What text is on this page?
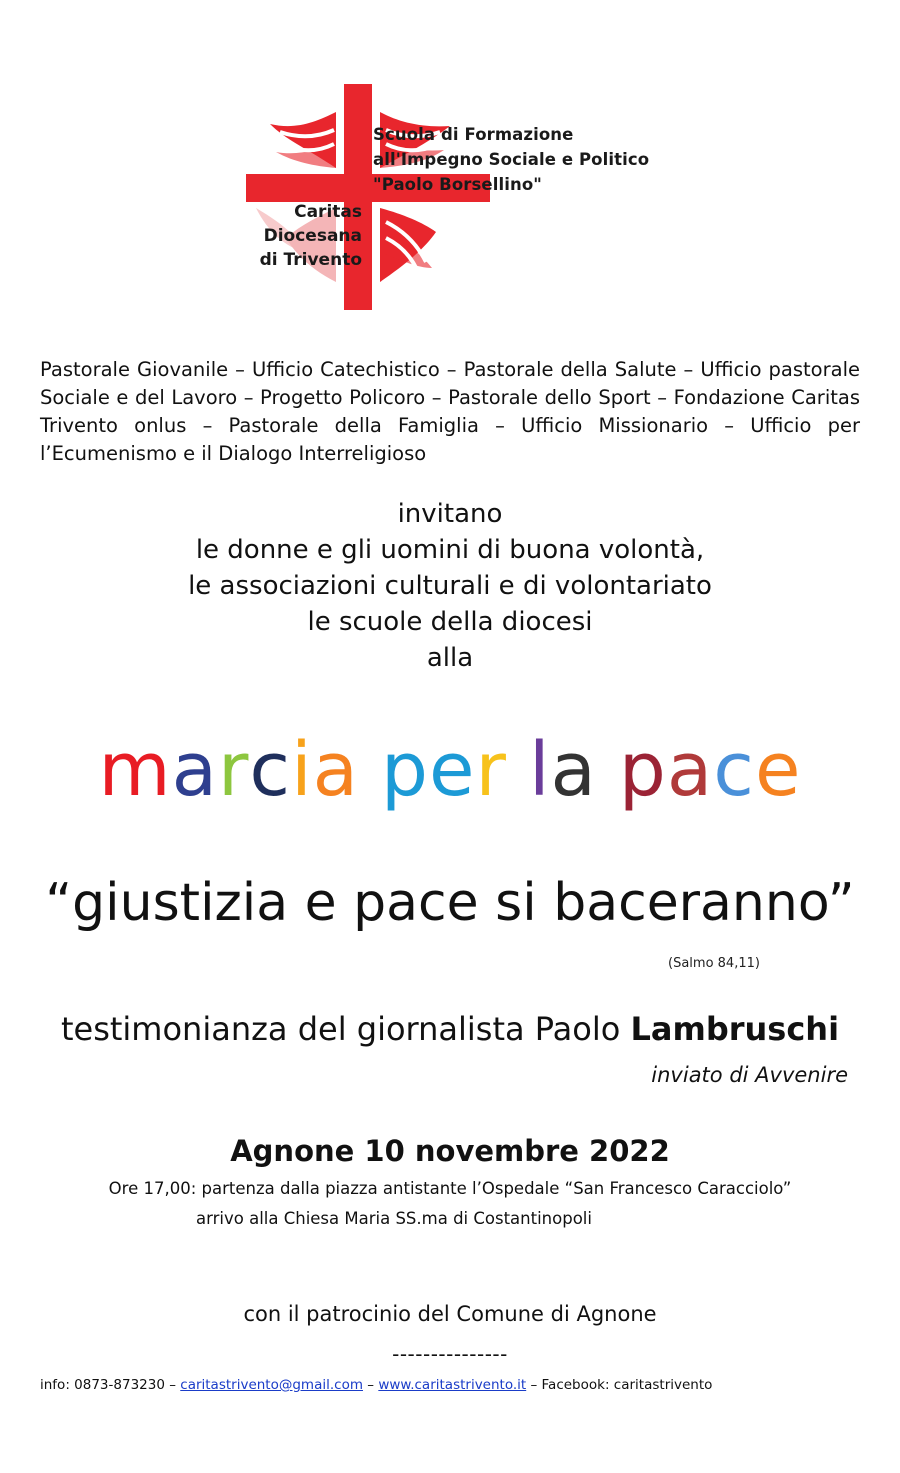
Scuola di Formazione
all'Impegno Sociale e Politico
"Paolo Borsellino"
Caritas
Diocesana
di Trivento
Pastorale Giovanile – Ufficio Catechistico – Pastorale della Salute – Ufficio pastorale Sociale e del Lavoro – Progetto Policoro – Pastorale dello Sport – Fondazione Caritas Trivento onlus – Pastorale della Famiglia – Ufficio Missionario – Ufficio per l’Ecumenismo e il Dialogo Interreligioso
invitano
le donne e gli uomini di buona volontà,
le associazioni culturali e di volontariato
le scuole della diocesi
alla
marcia per la pace
“giustizia e pace si baceranno”
(Salmo 84,11)
testimonianza del giornalista Paolo Lambruschi
inviato di Avvenire
Agnone 10 novembre 2022
Ore 17,00: partenza dalla piazza antistante l’Ospedale “San Francesco Caracciolo”
arrivo alla Chiesa Maria SS.ma di Costantinopoli
con il patrocinio del Comune di Agnone
---------------
info: 0873-873230 – caritastrivento@gmail.com – www.caritastrivento.it – Facebook: caritastrivento
